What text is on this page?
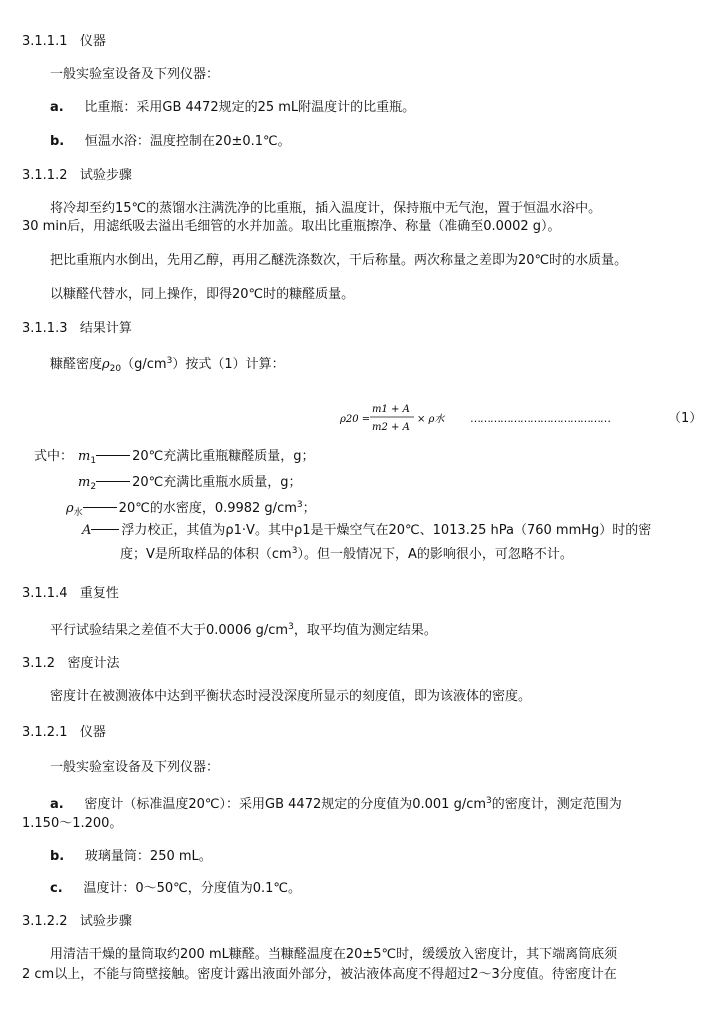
3.1.1.1 仪器
一般实验室设备及下列仪器：
a. 比重瓶：采用GB 4472规定的25 mL附温度计的比重瓶。
b. 恒温水浴：温度控制在20±0.1℃。
3.1.1.2 试验步骤
将冷却至约15℃的蒸馏水注满洗净的比重瓶，插入温度计，保持瓶中无气泡，置于恒温水浴中。
30 min后，用滤纸吸去溢出毛细管的水并加盖。取出比重瓶擦净、称量（准确至0.0002 g）。
把比重瓶内水倒出，先用乙醇，再用乙醚洗涤数次，干后称量。两次称量之差即为20℃时的水质量。
以糠醛代替水，同上操作，即得20℃时的糠醛质量。
3.1.1.3 结果计算
糠醛密度$\rho_{20}(g/cm^3)$按式（1）计算：
ρ20 =
m1 + A
m2 + A
× ρ水 ……………………………………	（1）
式中： $m_1$	20℃充满比重瓶糠醛质量，g；
$m_2$	20℃充满比重瓶水质量，g；
$\rho_水$	20℃的水密度，0.9982 $g/cm^3$；
A 浮力校正，其值为ρ1·V。其中ρ1是干燥空气在20℃、1013.25 hPa（760 mmHg）时的密
度；V是所取样品的体积$(cm^3)$。但一般情况下，A的影响很小，可忽略不计。
3.1.1.4 重复性
平行试验结果之差值不大于0.0006 $g/cm^3$，取平均值为测定结果。
3.1.2 密度计法
密度计在被测液体中达到平衡状态时浸没深度所显示的刻度值，即为该液体的密度。
3.1.2.1 仪器
一般实验室设备及下列仪器：
a. 密度计（标准温度20℃）：采用GB 4472规定的分度值为0.001 $g/cm^3$的密度计，测定范围为
1.150～1.200。
b. 玻璃量筒：250 mL。
c. 温度计：0～50℃，分度值为0.1℃。
3.1.2.2 试验步骤
用清洁干燥的量筒取约200 mL糠醛。当糠醛温度在20±5℃时，缓缓放入密度计，其下端离筒底须
2 cm以上，不能与筒壁接触。密度计露出液面外部分，被沾液体高度不得超过2～3分度值。待密度计在
